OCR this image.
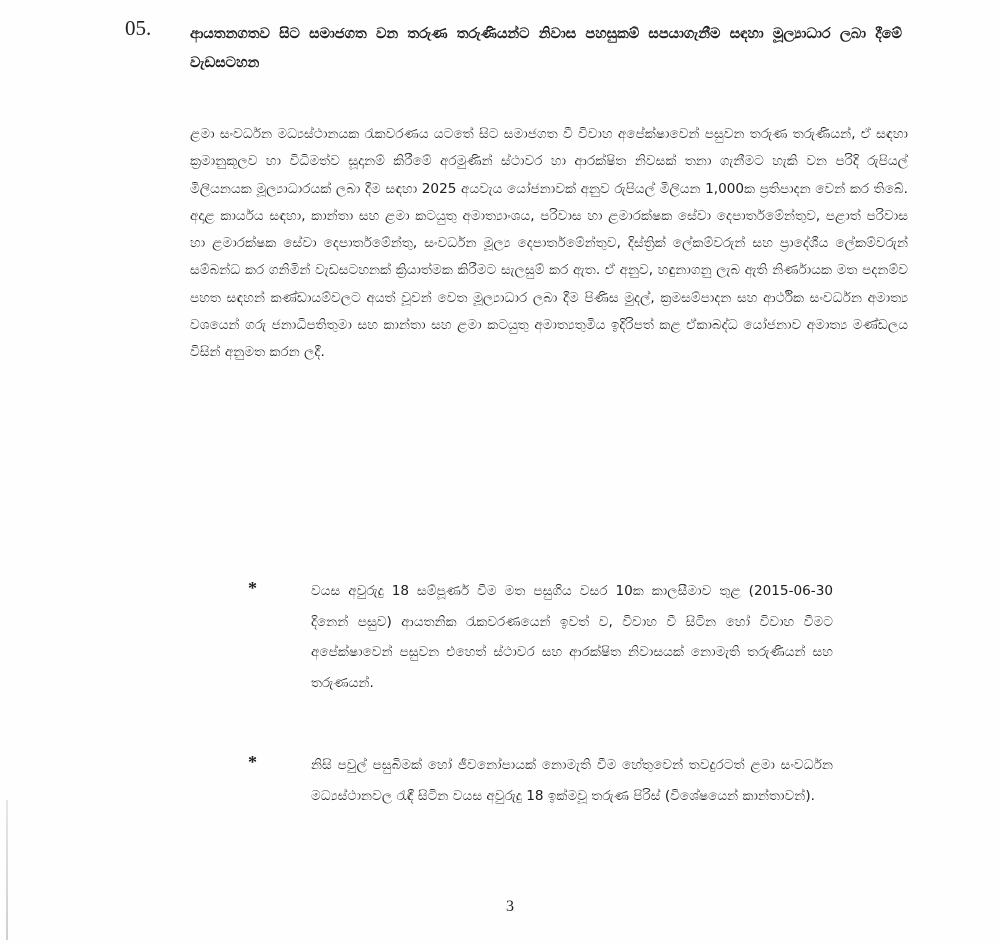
05.	ආයතනගතව සිට සමාජගත වන තරුණ තරුණියන්ට නිවාස පහසුකම් සපයාගැනීම සඳහා මූල්‍යාධාර ලබා දීමේ වැඩසටහන
ළමා සංවර්ධන මධ්‍යස්ථානයක රැකවරණය යටතේ සිට සමාජගත වී විවාහ අපේක්ෂාවෙන් පසුවන තරුණ තරුණියන්, ඒ සඳහා ක්‍රමානුකූලව හා විධිමත්ව සූදානම් කිරීමේ අරමුණින් ස්ථාවර හා ආරක්ෂිත නිවසක් තනා ගැනීමට හැකි වන පරිදි රුපියල් මිලියනයක මූල්‍යාධාරයක් ලබා දීම සඳහා 2025 අයවැය යෝජනාවක් අනුව රුපියල් මිලියන 1,000ක ප්‍රතිපාදන වෙන් කර තිබේ. අදාළ කාර්යය සඳහා, කාන්තා සහ ළමා කටයුතු අමාත්‍යාංශය, පරිවාස හා ළමාරක්ෂක සේවා දෙපාර්තමේන්තුව, පළාත් පරිවාස හා ළමාරක්ෂක සේවා දෙපාර්තමේන්තු, සංවර්ධන මූල්‍ය දෙපාර්තමේන්තුව, දිස්ත්‍රික් ලේකම්වරුන් සහ ප්‍රාදේශීය ලේකම්වරුන් සම්බන්ධ කර ගනිමින් වැඩසටහනක් ක්‍රියාත්මක කිරීමට සැලසුම් කර ඇත. ඒ අනුව, හඳුනාගනු ලැබ ඇති නිර්ණායක මත පදනම්ව පහත සඳහන් කණ්ඩායම්වලට අයත් වූවන් වෙත මූල්‍යාධාර ලබා දීම පිණිස මුදල්, ක්‍රමසම්පාදන සහ ආර්ථික සංවර්ධන අමාත්‍ය වශයෙන් ගරු ජනාධිපතිතුමා සහ කාන්තා සහ ළමා කටයුතු අමාත්‍යතුමිය ඉදිරිපත් කළ ඒකාබද්ධ යෝජනාව අමාත්‍ය මණ්ඩලය විසින් අනුමත කරන ලදී.
*	වයස අවුරුදු 18 සම්පූර්ණ වීම මත පසුගිය වසර 10ක කාලසීමාව තුළ (2015-06-30 දිනෙන් පසුව) ආයතනික රැකවරණයෙන් ඉවත් ව, විවාහ වී සිටින හෝ විවාහ වීමට අපේක්ෂාවෙන් පසුවන එහෙත් ස්ථාවර සහ ආරක්ෂිත නිවාසයක් නොමැති තරුණියන් සහ තරුණයන්.
*	නිසි පවුල් පසුබිමක් හෝ ජීවනෝපායක් නොමැති වීම හේතුවෙන් තවදුරටත් ළමා සංවර්ධන මධ්‍යස්ථානවල රැඳී සිටින වයස අවුරුදු 18 ඉක්මවූ තරුණ පිරිස් (විශේෂයෙන් කාන්තාවන්).
3
